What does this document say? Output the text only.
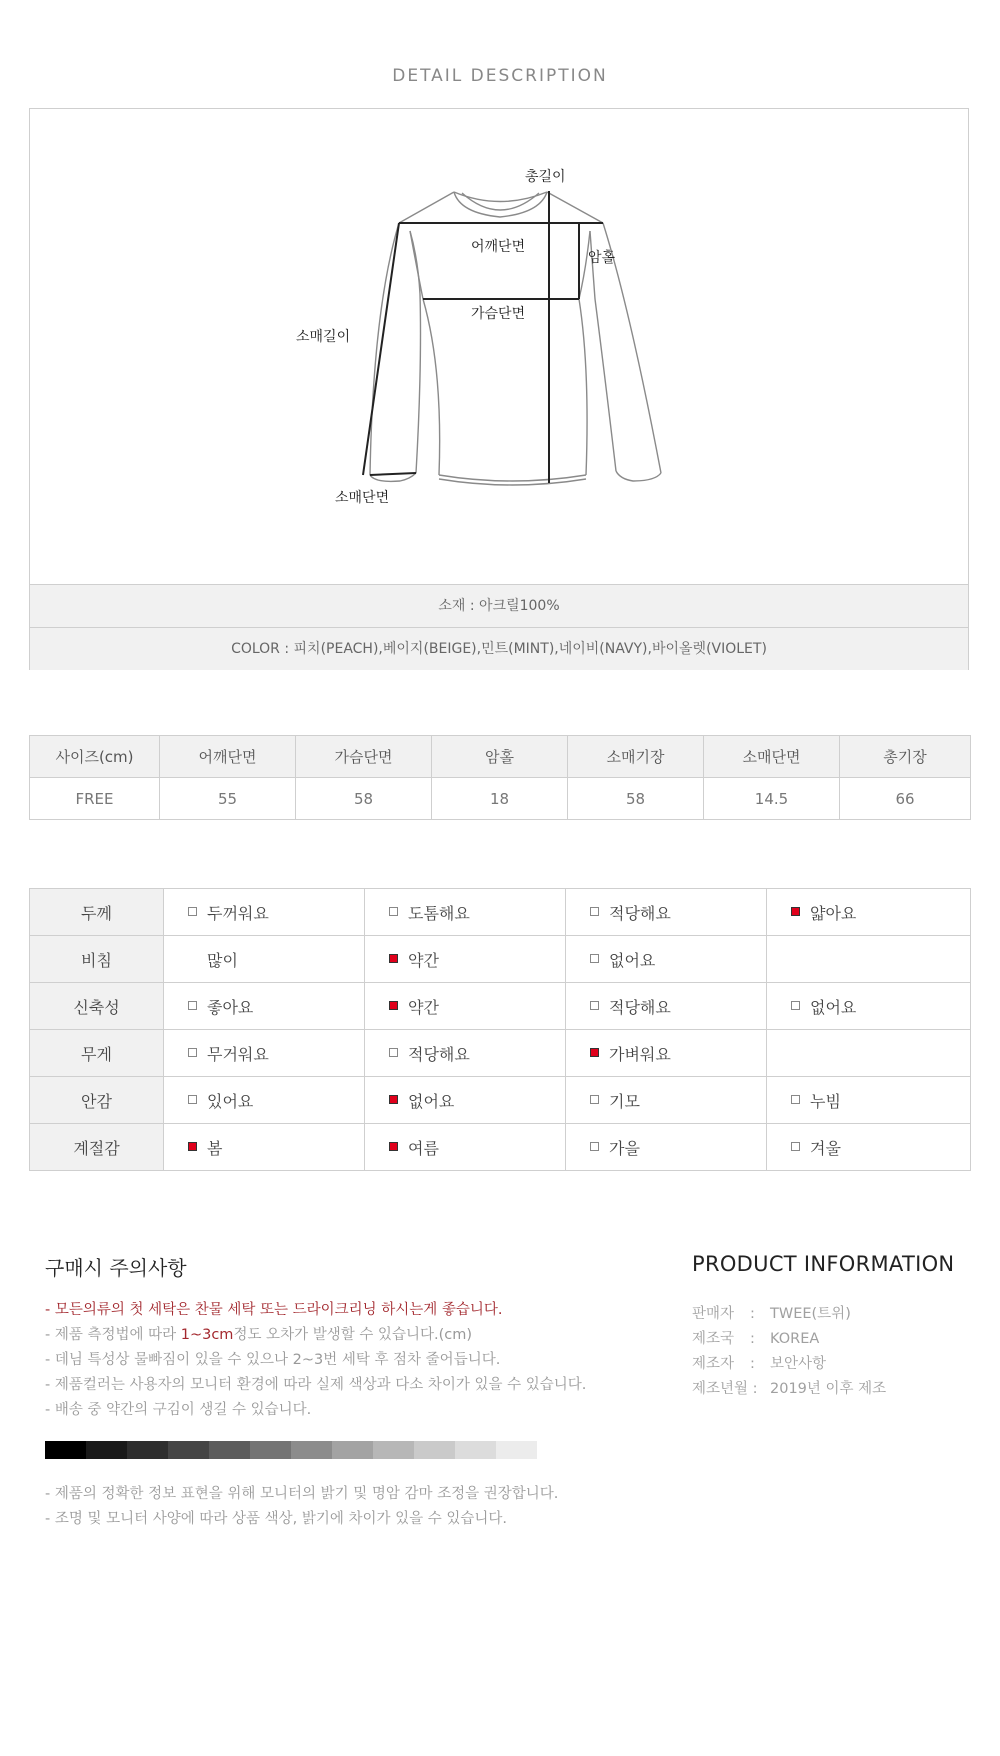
DETAIL DESCRIPTION
총길이
어깨단면
암홀
가슴단면
소매길이
소매단면
소재 : 아크릴100%
COLOR : 피치(PEACH),베이지(BEIGE),민트(MINT),네이비(NAVY),바이올렛(VIOLET)
사이즈(cm)	어깨단면	가슴단면	암홀	소매기장	소매단면	총기장
FREE	55	58	18	58	14.5	66
두께	두꺼워요	도톰해요	적당해요	얇아요
비침	많이	약간	없어요	
신축성	좋아요	약간	적당해요	없어요
무게	무거워요	적당해요	가벼워요	
안감	있어요	없어요	기모	누빔
계절감	봄	여름	가을	겨울
구매시 주의사항
- 모든의류의 첫 세탁은 찬물 세탁 또는 드라이크리닝 하시는게 좋습니다.
- 제품 측정법에 따라 1~3cm정도 오차가 발생할 수 있습니다.(cm)
- 데님 특성상 물빠짐이 있을 수 있으나 2~3번 세탁 후 점차 줄어듭니다.
- 제품컬러는 사용자의 모니터 환경에 따라 실제 색상과 다소 차이가 있을 수 있습니다.
- 배송 중 약간의 구김이 생길 수 있습니다.
- 제품의 정확한 정보 표현을 위해 모니터의 밝기 및 명암 감마 조정을 권장합니다.
- 조명 및 모니터 사양에 따라 상품 색상, 밝기에 차이가 있을 수 있습니다.
PRODUCT INFORMATION
판매자 : TWEE(트위)
제조국 : KOREA
제조자 : 보안사항
제조년월 : 2019년 이후 제조
